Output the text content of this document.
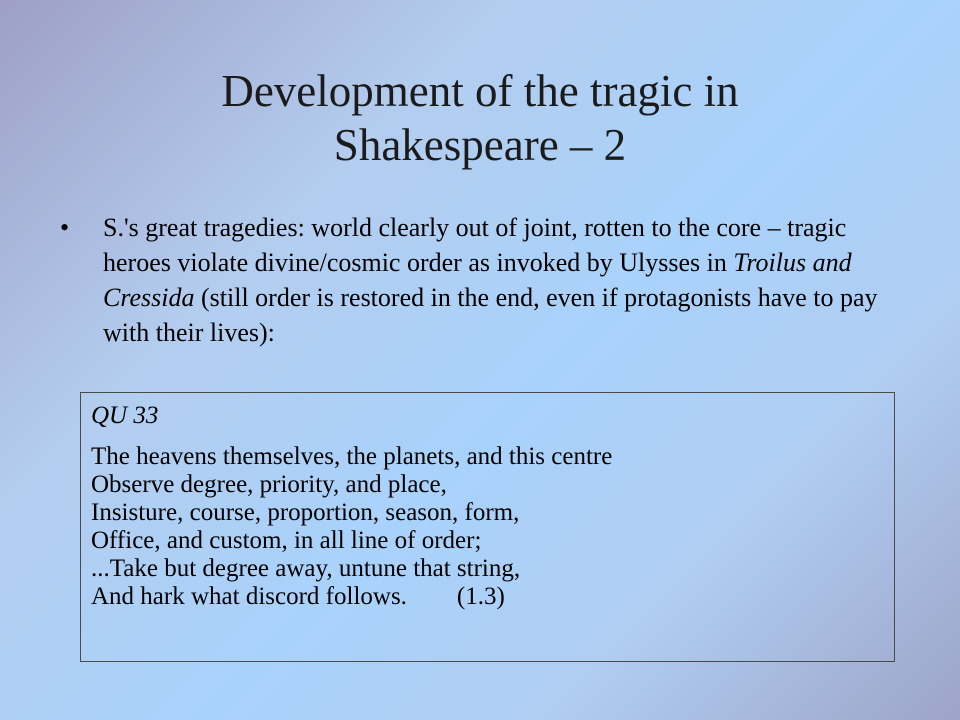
Development of the tragic in
Shakespeare – 2
• S.'s great tragedies: world clearly out of joint, rotten to the core – tragic heroes violate divine/cosmic order as invoked by Ulysses in Troilus and Cressida (still order is restored in the end, even if protagonists have to pay with their lives):
QU 33
The heavens themselves, the planets, and this centre
Observe degree, priority, and place,
Insisture, course, proportion, season, form,
Office, and custom, in all line of order;
...Take but degree away, untune that string,
And hark what discord follows.        (1.3)
